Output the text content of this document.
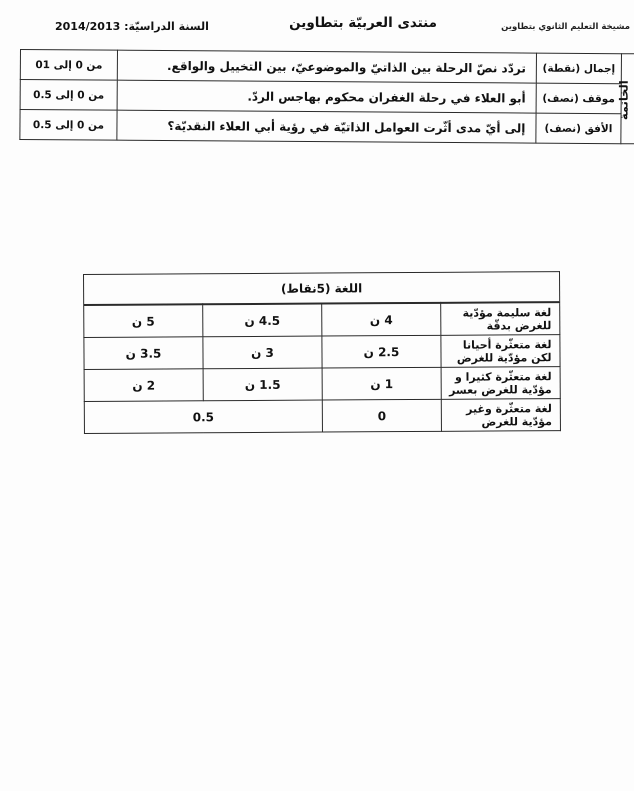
مشيخة التعليم الثانوي بتطاوين
منتدى العربيّة بتطاوين
السنة الدراسيّة: 2014/2013
الخاتمة	إجمال (نقطة)	تردّد نصّ الرحلة بين الذاتيّ والموضوعيّ، بين التخييل والواقع.	من 0 إلى 01
	موقف (نصف)	أبو العلاء في رحلة الغفران محكوم بهاجس الردّ.	من 0 إلى 0.5
	الأفق (نصف)	إلى أيّ مدى أثّرت العوامل الذاتيّة في رؤية أبي العلاء النقديّة؟	من 0 إلى 0.5
اللغة (5نقاط)			
لغة سليمة مؤدّية للغرض بدقّة	4 ن	4.5 ن	5 ن
لغة متعثّرة أحيانا لكن مؤدّية للغرض	2.5 ن	3 ن	3.5 ن
لغة متعثّرة كثيرا و مؤدّية للغرض بعسر	1 ن	1.5 ن	2 ن
لغة متعثّرة وغير مؤدّية للغرض	0	0.5	
